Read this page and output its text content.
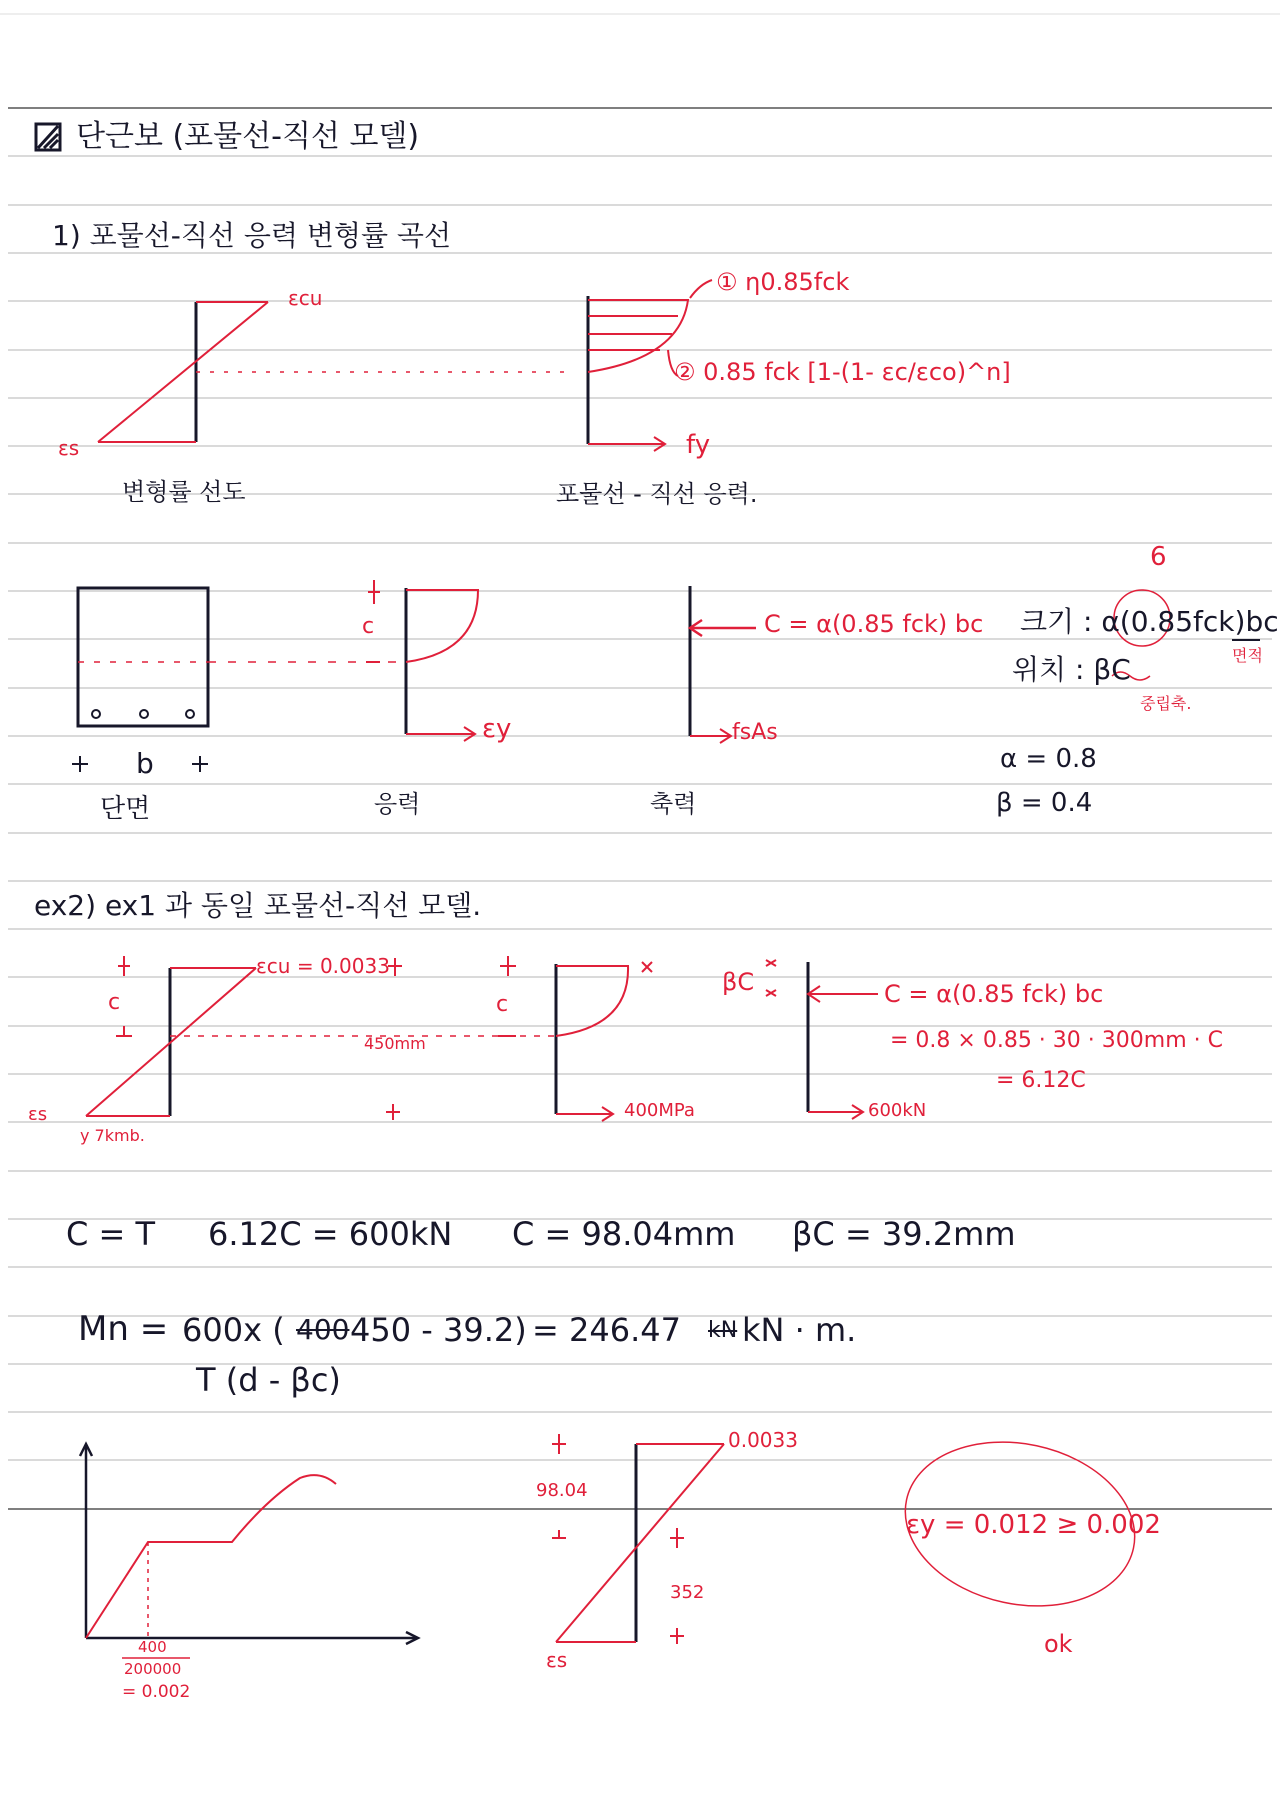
단근보 (포물선-직선 모델)
1) 포물선-직선 응력 변형률 곡선
εcu
εs
변형률 선도
① η0.85fck
② 0.85 fck [1-(1- εc/εco)^n]
fy
포물선 - 직선 응력.
단면
b
응력
εy
c
축력
C = α(0.85 fck) bc
fsAs
6
크기 : α(0.85fck)bc
면적
위치 : βC
중립축.
α = 0.8
β = 0.4
ex2) ex1 과 동일 포물선-직선 모델.
εcu = 0.0033
c
εs
y 7kmb.
450mm
c
400MPa
βC	C = α(0.85 fck) bc
= 0.8 × 0.85 · 30 · 300mm · C
= 6.12C
600kN
C = T 6.12C = 600kN C = 98.04mm βC = 39.2mm
Mn = 600x ( 400 450 - 39.2) = 246.47 kN kN · m.
T (d - βc)
400
200000
= 0.002
0.0033
98.04
352
εs
εy = 0.012 ≥ 0.002
ok
